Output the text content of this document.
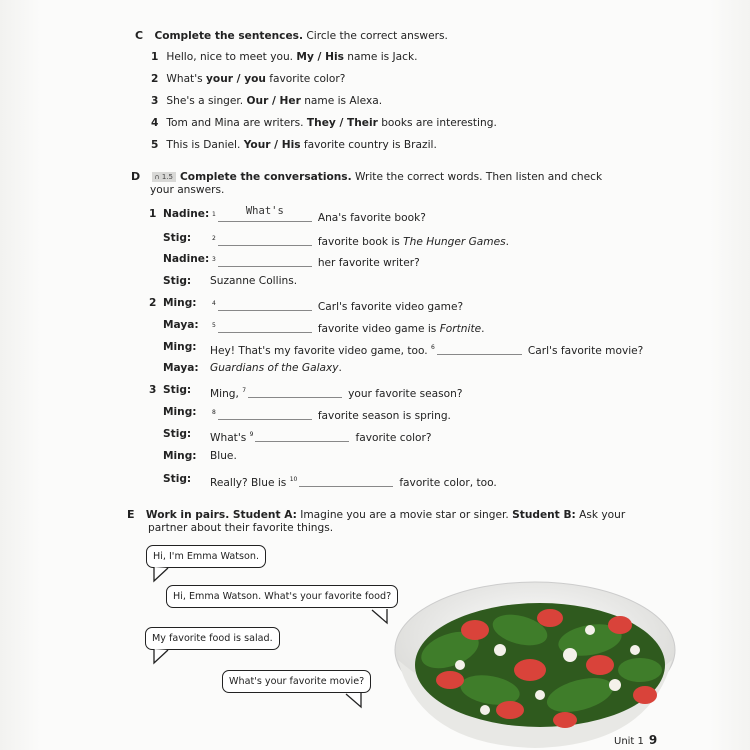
C Complete the sentences. Circle the correct answers.
1 Hello, nice to meet you. My / His name is Jack.
2 What's your / you favorite color?
3 She's a singer. Our / Her name is Alexa.
4 Tom and Mina are writers. They / Their books are interesting.
5 This is Daniel. Your / His favorite country is Brazil.
D ∩ 1.5 Complete the conversations. Write the correct words. Then listen and check
your answers.
1 Nadine: $^1$	What's
Ana's favorite book?
Stig:	$^2$	favorite book is The Hunger Games.
Nadine: $^3$	her favorite writer?
Stig: Suzanne Collins.
2 Ming:	$^4$	Carl's favorite video game?
Maya: $^5$	favorite video game is Fortnite.
Ming: Hey! That's my favorite video game, too. $^6$	Carl's favorite movie?
Maya: Guardians of the Galaxy.
3 Stig: Ming, $^7$	your favorite season?
Ming:	$^8$	favorite season is spring.
Stig: What's $^9$	favorite color?
Ming: Blue.
Stig: Really? Blue is $^{10}$	favorite color, too.
E Work in pairs. Student A: Imagine you are a movie star or singer. Student B: Ask your
partner about their favorite things.
Hi, I'm Emma Watson.
Hi, Emma Watson. What's your favorite food?
My favorite food is salad.
What's your favorite movie?
Unit 1 9
